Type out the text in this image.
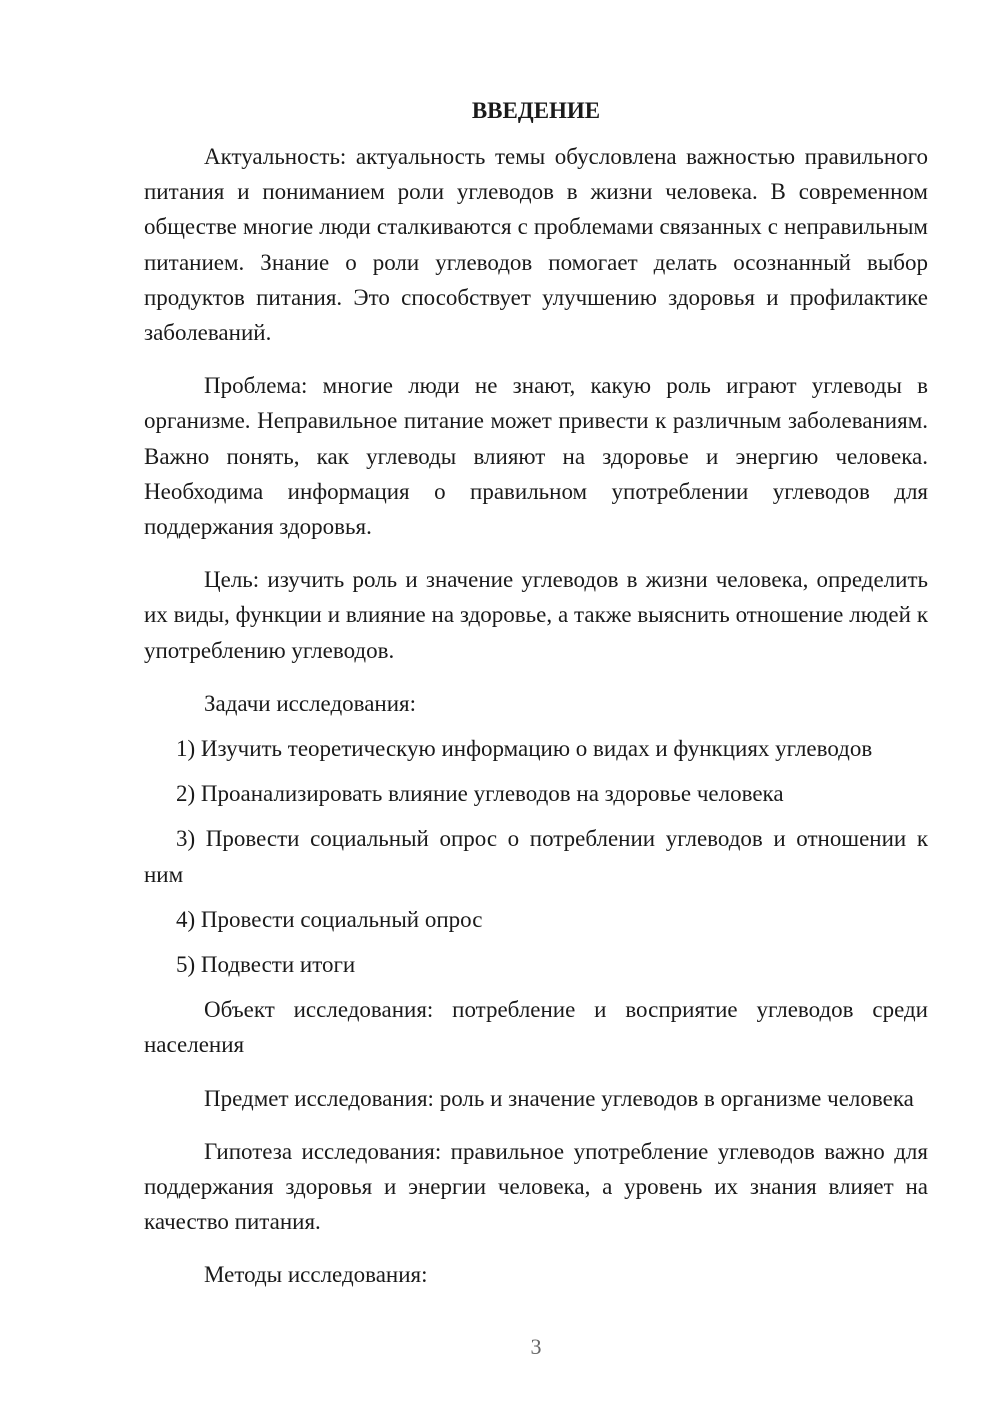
ВВЕДЕНИЕ

Актуальность: актуальность темы обусловлена важностью правильного питания и пониманием роли углеводов в жизни человека. В современном обществе многие люди сталкиваются с проблемами связанных с неправильным питанием. Знание о роли углеводов помогает делать осознанный выбор продуктов питания. Это способствует улучшению здоровья и профилактике заболеваний.

Проблема: многие люди не знают, какую роль играют углеводы в организме. Неправильное питание может привести к различным заболеваниям. Важно понять, как углеводы влияют на здоровье и энергию человека. Необходима информация о правильном употреблении углеводов для поддержания здоровья.

Цель: изучить роль и значение углеводов в жизни человека, определить их виды, функции и влияние на здоровье, а также выяснить отношение людей к употреблению углеводов.

Задачи исследования:

1) Изучить теоретическую информацию о видах и функциях углеводов
2) Проанализировать влияние углеводов на здоровье человека
3) Провести социальный опрос о потреблении углеводов и отношении к ним
4) Провести социальный опрос
5) Подвести итоги

Объект исследования: потребление и восприятие углеводов среди населения

Предмет исследования: роль и значение углеводов в организме человека

Гипотеза исследования: правильное употребление углеводов важно для поддержания здоровья и энергии человека, а уровень их знания влияет на качество питания.

Методы исследования:

3
